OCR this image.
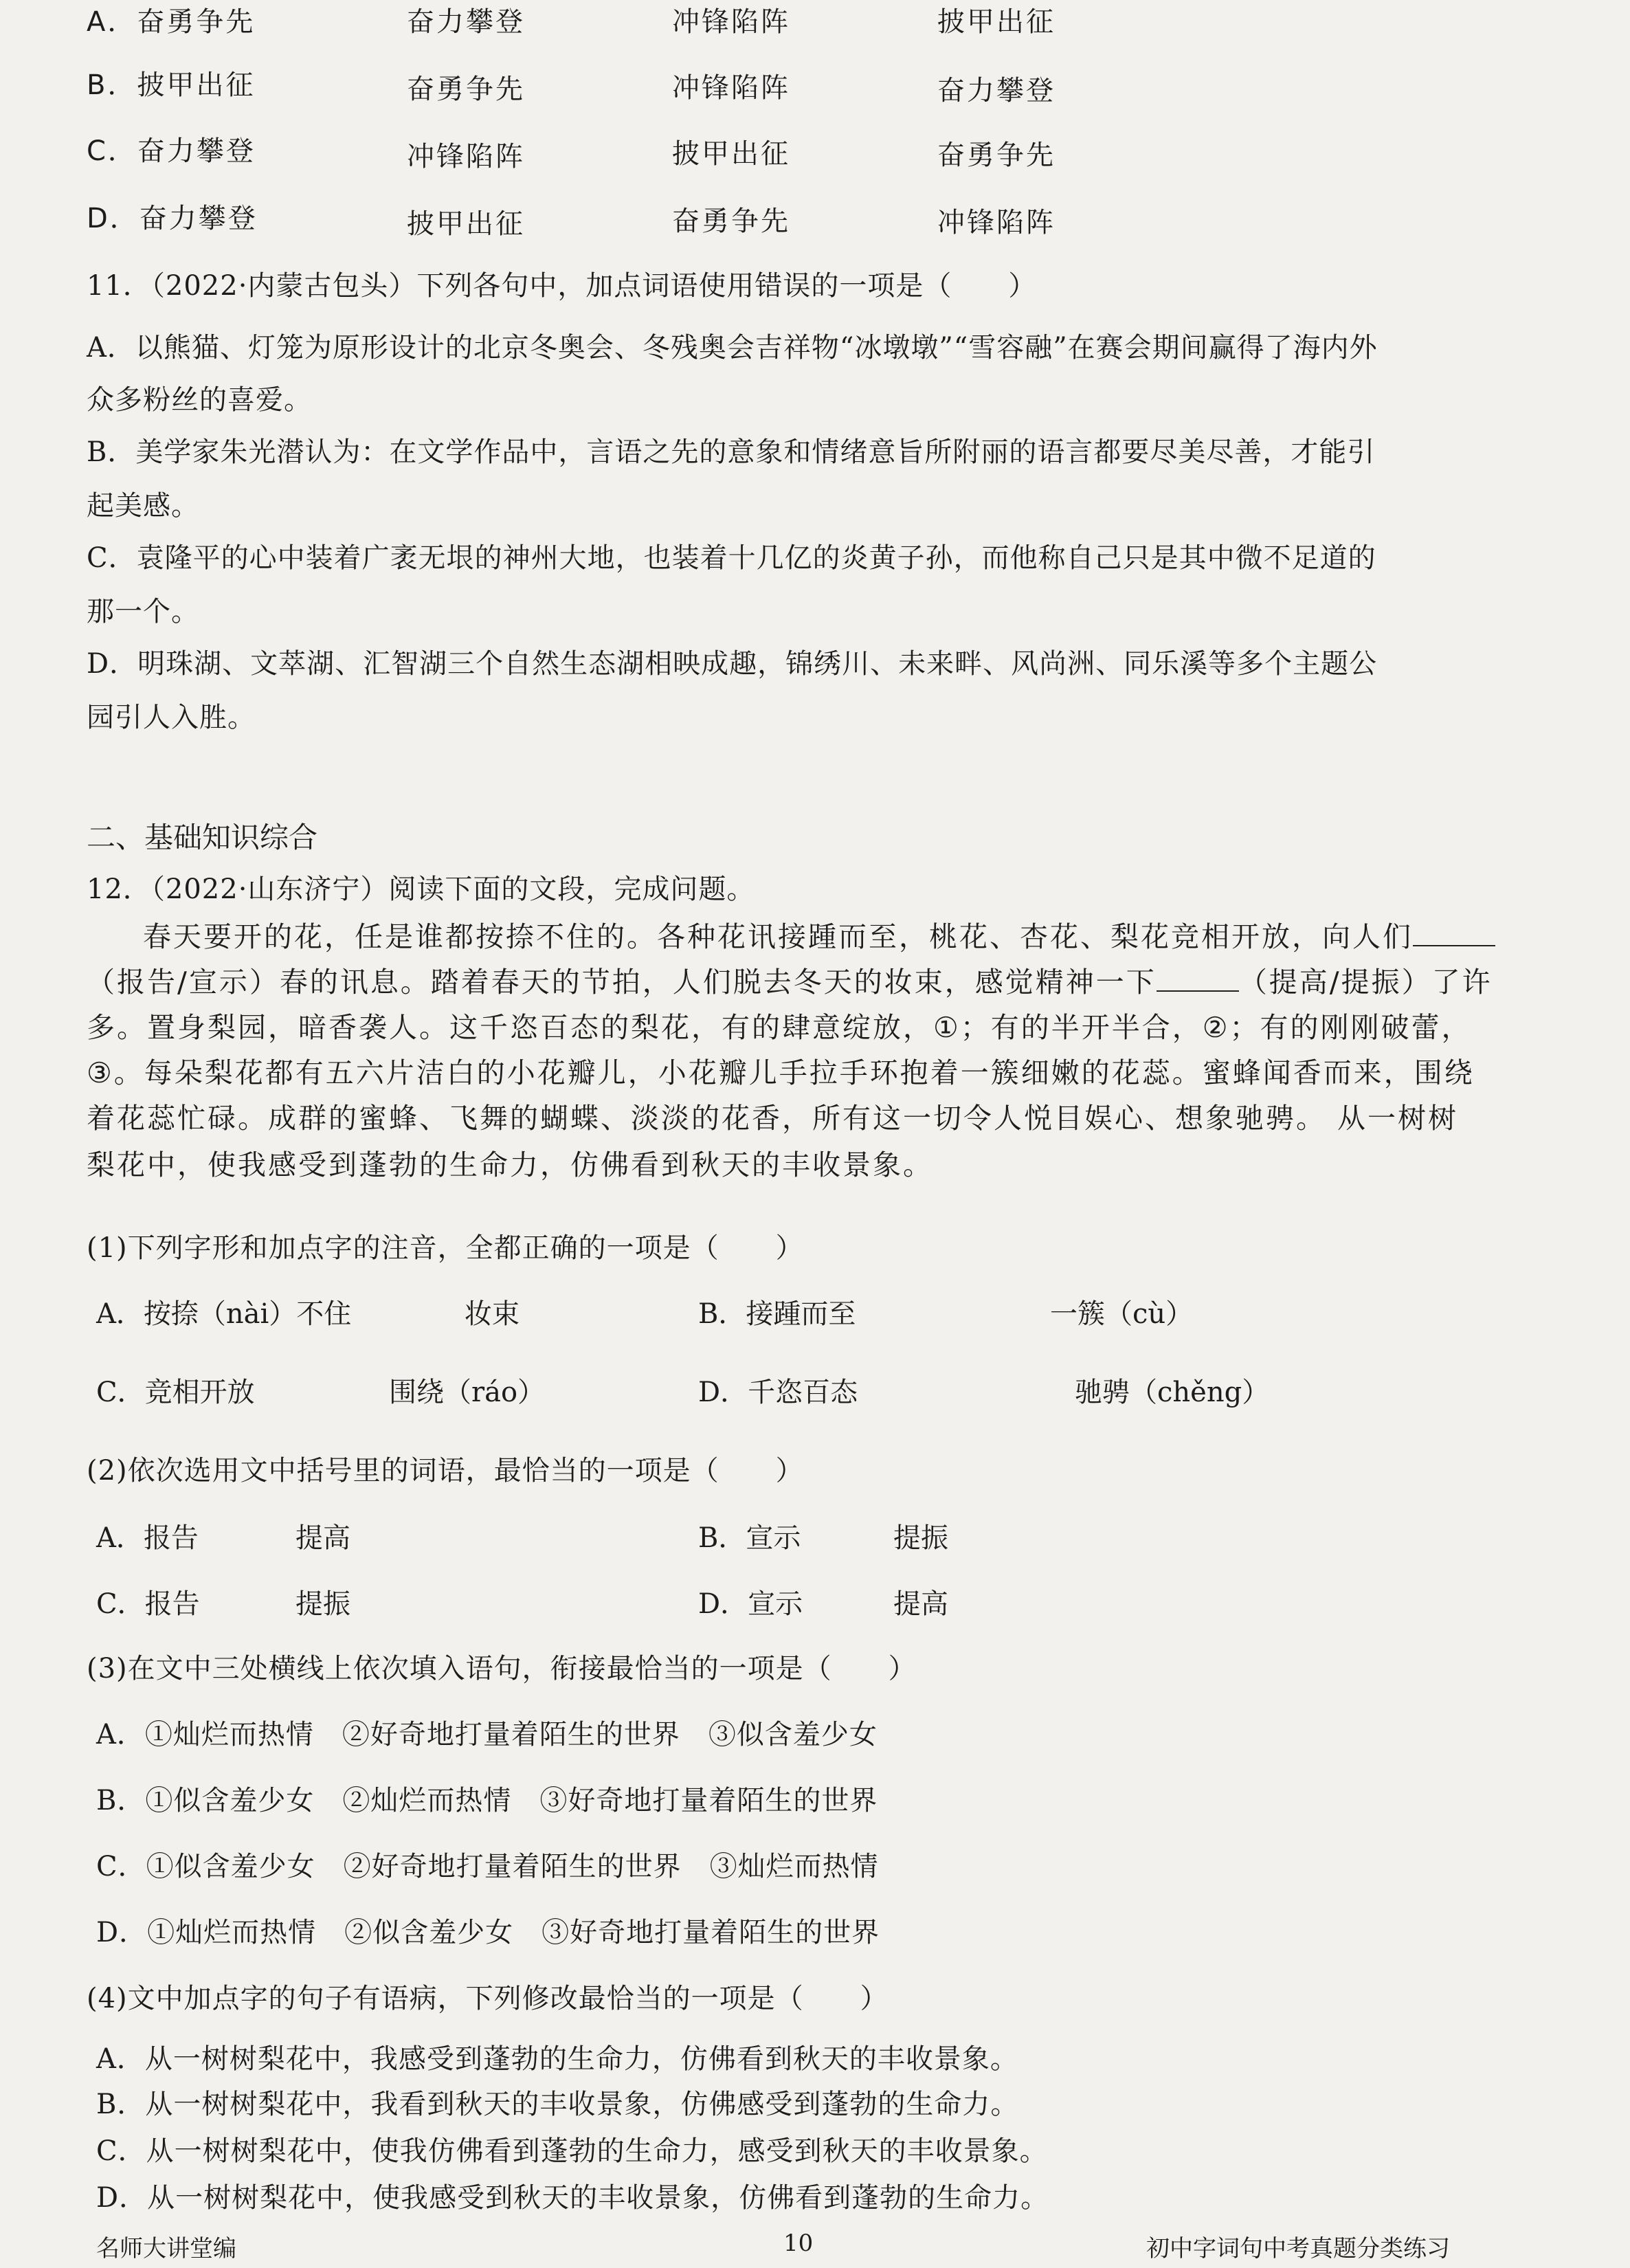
A．奋勇争先	奋力攀登	冲锋陷阵	披甲出征
B．披甲出征	奋勇争先	冲锋陷阵	奋力攀登
C．奋力攀登	冲锋陷阵	披甲出征	奋勇争先
D．奋力攀登	披甲出征	奋勇争先	冲锋陷阵
11．（2022·内蒙古包头）下列各句中，加点词语使用错误的一项是（　　）
A．以熊猫、灯笼为原形设计的北京冬奥会、冬残奥会吉祥物“冰墩墩”“雪容融”在赛会期间赢得了海内外
众多粉丝的喜爱。
B．美学家朱光潜认为：在文学作品中，言语之先的意象和情绪意旨所附丽的语言都要尽美尽善，才能引
起美感。
C．袁隆平的心中装着广袤无垠的神州大地，也装着十几亿的炎黄子孙，而他称自己只是其中微不足道的
那一个。
D．明珠湖、文萃湖、汇智湖三个自然生态湖相映成趣，锦绣川、未来畔、风尚洲、同乐溪等多个主题公
园引人入胜。
二、基础知识综合
12．（2022·山东济宁）阅读下面的文段，完成问题。
春天要开的花，任是谁都按捺不住的。各种花讯接踵而至，桃花、杏花、梨花竞相开放，向人们
（报告/宣示）春的讯息。踏着春天的节拍，人们脱去冬天的妆束，感觉精神一下	（提高/提振）了许
多。置身梨园，暗香袭人。这千恣百态的梨花，有的肆意绽放，①；有的半开半合，②；有的刚刚破蕾，
③。每朵梨花都有五六片洁白的小花瓣儿，小花瓣儿手拉手环抱着一簇细嫩的花蕊。蜜蜂闻香而来，围绕
着花蕊忙碌。成群的蜜蜂、飞舞的蝴蝶、淡淡的花香，所有这一切令人悦目娱心、想象驰骋。 从一树树
梨花中，使我感受到蓬勃的生命力，仿佛看到秋天的丰收景象。
(1)下列字形和加点字的注音，全都正确的一项是（　　）
A．按捺（nài）不住	妆束	B．接踵而至	一簇（cù）
C．竞相开放	围绕（ráo）	D．千恣百态	驰骋（chěng）
(2)依次选用文中括号里的词语，最恰当的一项是（　　）
A．报告	提高	B．宣示	提振
C．报告	提振	D．宣示	提高
(3)在文中三处横线上依次填入语句，衔接最恰当的一项是（　　）
A．①灿烂而热情　②好奇地打量着陌生的世界　③似含羞少女
B．①似含羞少女　②灿烂而热情　③好奇地打量着陌生的世界
C．①似含羞少女　②好奇地打量着陌生的世界　③灿烂而热情
D．①灿烂而热情　②似含羞少女　③好奇地打量着陌生的世界
(4)文中加点字的句子有语病，下列修改最恰当的一项是（　　）
A．从一树树梨花中，我感受到蓬勃的生命力，仿佛看到秋天的丰收景象。
B．从一树树梨花中，我看到秋天的丰收景象，仿佛感受到蓬勃的生命力。
C．从一树树梨花中，使我仿佛看到蓬勃的生命力，感受到秋天的丰收景象。
D．从一树树梨花中，使我感受到秋天的丰收景象，仿佛看到蓬勃的生命力。
名师大讲堂编	10	初中字词句中考真题分类练习
